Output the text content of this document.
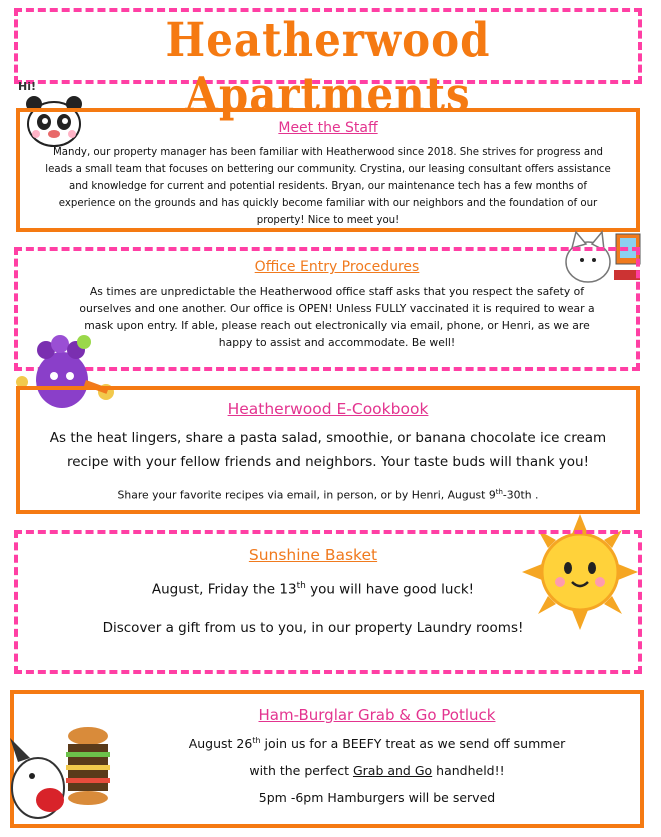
Heatherwood Apartments
Hi!

Meet the Staff

Mandy, our property manager has been familiar with Heatherwood since 2018. She strives for progress and leads a small team that focuses on bettering our community. Crystina, our leasing consultant offers assistance and knowledge for current and potential residents. Bryan, our maintenance tech has a few months of experience on the grounds and has quickly become familiar with our neighbors and the foundation of our property! Nice to meet you!

Office Entry Procedures

As times are unpredictable the Heatherwood office staff asks that you respect the safety of ourselves and one another. Our office is OPEN! Unless FULLY vaccinated it is required to wear a mask upon entry. If able, please reach out electronically via email, phone, or Henri, as we are happy to assist and accommodate. Be well!

Heatherwood E-Cookbook

As the heat lingers, share a pasta salad, smoothie, or banana chocolate ice cream recipe with your fellow friends and neighbors. Your taste buds will thank you!

Share your favorite recipes via email, in person, or by Henri, August 9th-30th .

Sunshine Basket

August, Friday the 13th you will have good luck!

Discover a gift from us to you, in our property Laundry rooms!

Ham-Burglar Grab & Go Potluck

August 26th join us for a BEEFY treat as we send off summer

with the perfect Grab and Go handheld!!

5pm -6pm Hamburgers will be served
